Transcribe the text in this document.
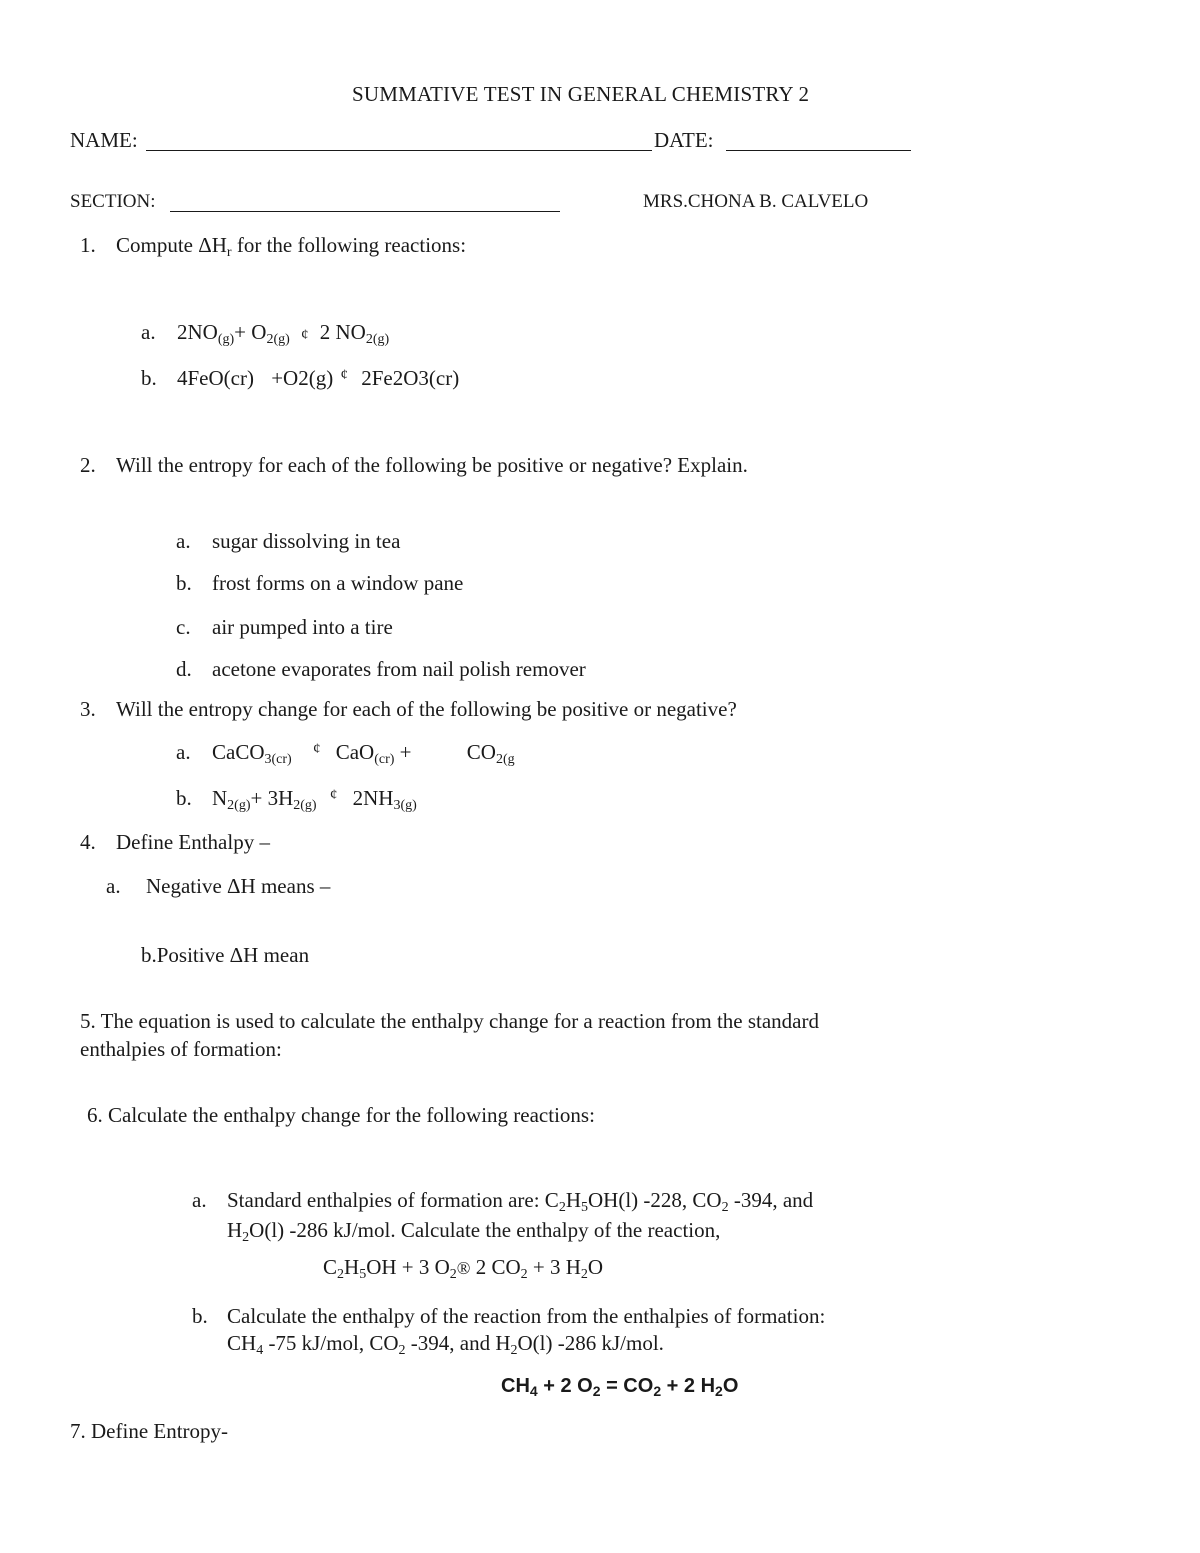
SUMMATIVE TEST IN GENERAL CHEMISTRY 2
NAME:	DATE:
SECTION:	MRS.CHONA B. CALVELO
1. Compute $\Delta H_r$ for the following reactions:
a. $2NO_{(g)}+ O_{2(g)}$ ¢ 2 $NO_{2(g)}$
b. 4FeO(cr) +O2(g) ¢ 2Fe2O3(cr)
2. Will the entropy for each of the following be positive or negative? Explain.
a. sugar dissolving in tea
b. frost forms on a window pane
c. air pumped into a tire
d. acetone evaporates from nail polish remover
3. Will the entropy change for each of the following be positive or negative?
a. CaCO$_{3(cr)}$ ¢ CaO$_{(cr)}$ +	$CO_{2(g}$
b. $N_{2(g)}+ 3H_{2(g)}$ ¢ $2NH_{3(g)}$
4. Define Enthalpy –
a. Negative ΔH means –
b.Positive ΔH mean
5. The equation is used to calculate the enthalpy change for a reaction from the standard
enthalpies of formation:
6. Calculate the enthalpy change for the following reactions:
a. Standard enthalpies of formation are: $C_2H_5OH(l)$ -228, $CO_2$ -394, and
$H_2O(l)$ -286 kJ/mol. Calculate the enthalpy of the reaction,
$C_2H_5OH + 3$ $O_2®$ 2 $CO_2 + 3$ $H_2O$
b. Calculate the enthalpy of the reaction from the enthalpies of formation:
$CH_4$ -75 kJ/mol, $CO_2$ -394, and $H_2O(l)$ -286 kJ/mol.
$CH_4 + 2$ $O_2 = CO_2 + 2$ $H_2O$
7. Define Entropy-
